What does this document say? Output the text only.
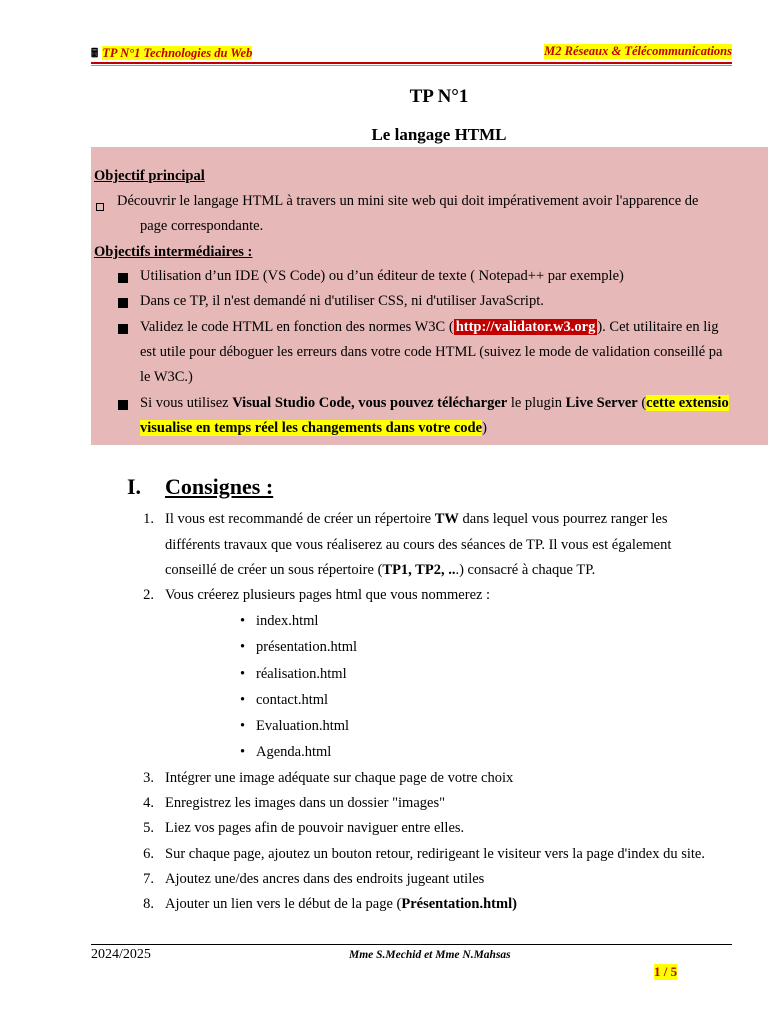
🖩 TP N°1 Technologies du Web	M2 Réseaux & Télécommunications
TP N°1
Le langage HTML
Objectif principal
Découvrir le langage HTML à travers un mini site web qui doit impérativement avoir l'apparence de
page correspondante.
Objectifs intermédiaires :
Utilisation d’un IDE (VS Code) ou d’un éditeur de texte ( Notepad++ par exemple)
Dans ce TP, il n'est demandé ni d'utiliser CSS, ni d'utiliser JavaScript.
Validez le code HTML en fonction des normes W3C ( http://validator.w3.org ). Cet utilitaire en lig
est utile pour déboguer les erreurs dans votre code HTML (suivez le mode de validation conseillé pa
le W3C.)
Si vous utilisez Visual Studio Code, vous pouvez télécharger le plugin Live Server (cette extensio
visualise en temps réel les changements dans votre code)
I. Consignes :
1. Il vous est recommandé de créer un répertoire TW dans lequel vous pourrez ranger les
différents travaux que vous réaliserez au cours des séances de TP. Il vous est également
conseillé de créer un sous répertoire (TP1, TP2, ...) consacré à chaque TP.
2. Vous créerez plusieurs pages html que vous nommerez :
• index.html
• présentation.html
• réalisation.html
• contact.html
• Evaluation.html
• Agenda.html
3. Intégrer une image adéquate sur chaque page de votre choix
4. Enregistrez les images dans un dossier "images"
5. Liez vos pages afin de pouvoir naviguer entre elles.
6. Sur chaque page, ajoutez un bouton retour, redirigeant le visiteur vers la page d'index du site.
7. Ajoutez une/des ancres dans des endroits jugeant utiles
8. Ajouter un lien vers le début de la page (Présentation.html)
2024/2025	Mme S.Mechid et Mme N.Mahsas
1 / 5
